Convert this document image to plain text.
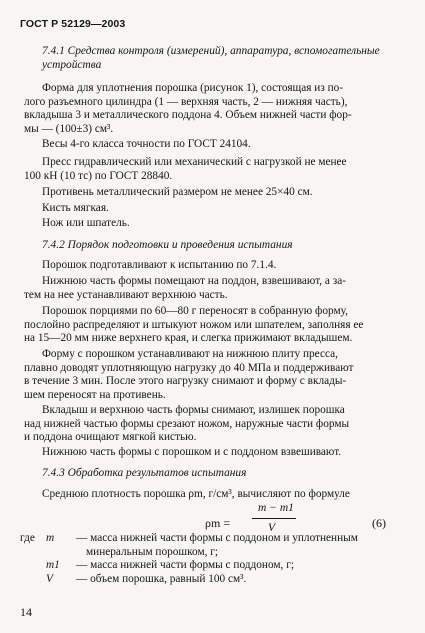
ГОСТ Р 52129—2003
7.4.1 Средства контроля (измерений), аппаратура, вспомогательные
устройства
Форма для уплотнения порошка (рисунок 1), состоящая из по-
лого разъемного цилиндра (1 — верхняя часть, 2 — нижняя часть),
вкладыша 3 и металлического поддона 4. Объем нижней части фор-
мы — (100±3) см³.
Весы 4-го класса точности по ГОСТ 24104.
Пресс гидравлический или механический с нагрузкой не менее
100 кН (10 тс) по ГОСТ 28840.
Противень металлический размером не менее 25×40 см.
Кисть мягкая.
Нож или шпатель.
7.4.2 Порядок подготовки и проведения испытания
Порошок подготавливают к испытанию по 7.1.4.
Нижнюю часть формы помещают на поддон, взвешивают, а за-
тем на нее устанавливают верхнюю часть.
Порошок порциями по 60—80 г переносят в собранную форму,
послойно распределяют и штыкуют ножом или шпателем, заполняя ее
на 15—20 мм ниже верхнего края, и слегка прижимают вкладышем.
Форму с порошком устанавливают на нижнюю плиту пресса,
плавно доводят уплотняющую нагрузку до 40 МПа и поддерживают
в течение 3 мин. После этого нагрузку снимают и форму с вклады-
шем переносят на противень.
Вкладыш и верхнюю часть формы снимают, излишек порошка
над нижней частью формы срезают ножом, наружные части формы
и поддона очищают мягкой кистью.
Нижнюю часть формы с порошком и с поддоном взвешивают.
7.4.3 Обработка результатов испытания
Среднюю плотность порошка ρm, г/см³, вычисляют по формуле
ρm =
m − m1
V	(6)
где m — масса нижней части формы с поддоном и уплотненным
минеральным порошком, г;
m1 — масса нижней части формы с поддоном, г;
V — объем порошка, равный 100 см³.
14
